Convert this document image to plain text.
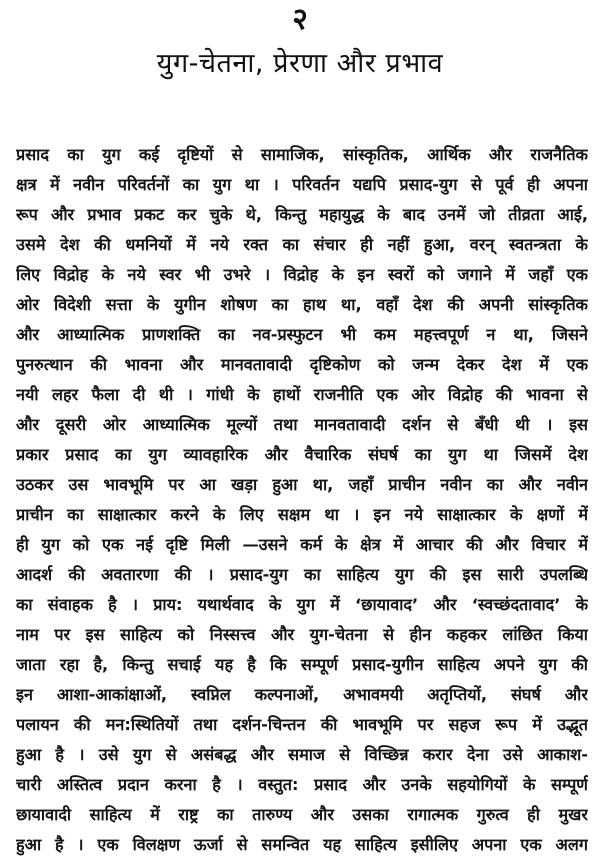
२
युग-चेतना, प्रेरणा और प्रभाव
प्रसाद का युग कई दृष्टियों से सामाजिक, सांस्कृतिक, आर्थिक और राजनैतिक
क्षत्र में नवीन परिवर्तनों का युग था । परिवर्तन यद्यपि प्रसाद-युग से पूर्व ही अपना
रूप और प्रभाव प्रकट कर चुके थे, किन्तु महायुद्ध के बाद उनमें जो तीव्रता आई,
उसमे देश की धमनियों में नये रक्त का संचार ही नहीं हुआ, वरन् स्वतन्त्रता के
लिए विद्रोह के नये स्वर भी उभरे । विद्रोह के इन स्वरों को जगाने में जहाँ एक
ओर विदेशी सत्ता के युगीन शोषण का हाथ था, वहाँ देश की अपनी सांस्कृतिक
और आध्यात्मिक प्राणशक्ति का नव-प्रस्फुटन भी कम महत्त्वपूर्ण न था, जिसने
पुनरुत्थान की भावना और मानवतावादी दृष्टिकोण को जन्म देकर देश में एक
नयी लहर फैला दी थी । गांधी के हाथों राजनीति एक ओर विद्रोह की भावना से
और दूसरी ओर आध्यात्मिक मूल्यों तथा मानवतावादी दर्शन से बँधी थी । इस
प्रकार प्रसाद का युग व्यावहारिक और वैचारिक संघर्ष का युग था जिसमें देश
उठकर उस भावभूमि पर आ खड़ा हुआ था, जहाँ प्राचीन नवीन का और नवीन
प्राचीन का साक्षात्कार करने के लिए सक्षम था । इन नये साक्षात्कार के क्षणों में
ही युग को एक नई दृष्टि मिली —उसने कर्म के क्षेत्र में आचार की और विचार में
आदर्श की अवतारणा की । प्रसाद-युग का साहित्य युग की इस सारी उपलब्धि
का संवाहक है । प्राय: यथार्थवाद के युग में ‘छायावाद’ और ‘स्वच्छंदतावाद’ के
नाम पर इस साहित्य को निस्सत्त्व और युग-चेतना से हीन कहकर लांछित किया
जाता रहा है, किन्तु सचाई यह है कि सम्पूर्ण प्रसाद-युगीन साहित्य अपने युग की
इन आशा-आकांक्षाओं, स्वप्निल कल्पनाओं, अभावमयी अतृप्तियों, संघर्ष और
पलायन की मन:स्थितियों तथा दर्शन-चिन्तन की भावभूमि पर सहज रूप में उद्भूत
हुआ है । उसे युग से असंबद्ध और समाज से विच्छिन्न करार देना उसे आकाश-
चारी अस्तित्व प्रदान करना है । वस्तुत: प्रसाद और उनके सहयोगियों के सम्पूर्ण
छायावादी साहित्य में राष्ट्र का तारुण्य और उसका रागात्मक गुरुत्व ही मुखर
हुआ है । एक विलक्षण ऊर्जा से समन्वित यह साहित्य इसीलिए अपना एक अलग
